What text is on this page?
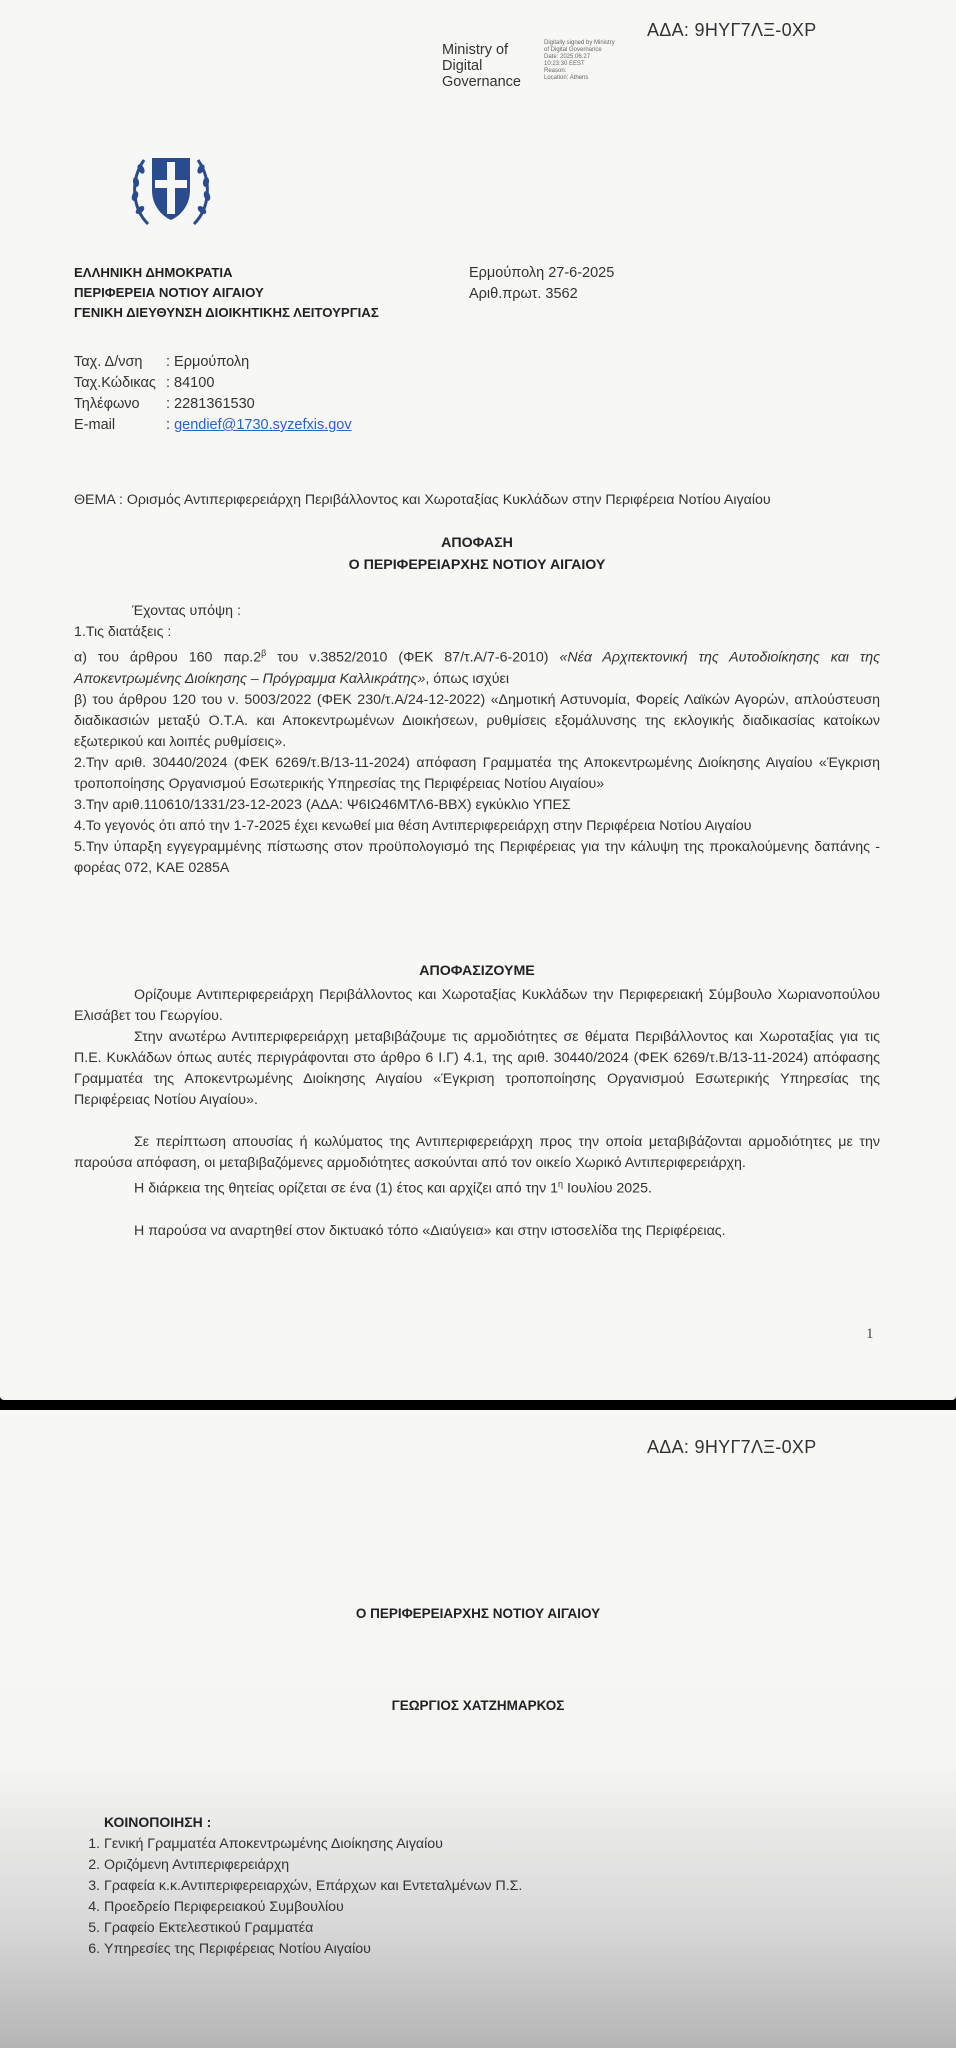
ΑΔΑ: 9ΗΥΓ7ΛΞ-0ΧΡ
Ministry of
Digital
Governance
Digitally signed by Ministry
of Digital Governance
Date: 2025.06.27
10:23:30 EEST
Reason:
Location: Athens
ΕΛΛΗΝΙΚΗ ΔΗΜΟΚΡΑΤΙΑ
ΠΕΡΙΦΕΡΕΙΑ ΝΟΤΙΟΥ ΑΙΓΑΙΟΥ
ΓΕΝΙΚΗ ΔΙΕΥΘΥΝΣΗ ΔΙΟΙΚΗΤΙΚΗΣ ΛΕΙΤΟΥΡΓΙΑΣ
Ερμούπολη 27-6-2025
Αριθ.πρωτ. 3562
Ταχ. Δ/νση : Ερμούπολη
Ταχ.Κώδικας : 84100
Τηλέφωνο : 2281361530
E-mail	: gendief@1730.syzefxis.gov
ΘΕΜΑ : Ορισμός Αντιπεριφερειάρχη Περιβάλλοντος και Χωροταξίας Κυκλάδων στην Περιφέρεια Νοτίου Αιγαίου
ΑΠΟΦΑΣΗ
Ο ΠΕΡΙΦΕΡΕΙΑΡΧΗΣ ΝΟΤΙΟΥ ΑΙΓΑΙΟΥ
Έχοντας υπόψη :
1.Τις διατάξεις :
α) του άρθρου 160 $\pi\alpha\rho.2^\beta$ του ν.3852/2010 (ΦΕΚ 87/τ.Α/7-6-2010) «Νέα Αρχιτεκτονική της Αυτοδιοίκησης και της Αποκεντρωμένης Διοίκησης – Πρόγραμμα Καλλικράτης», όπως ισχύει
β) του άρθρου 120 του ν. 5003/2022 (ΦΕΚ 230/τ.Α/24-12-2022) «Δημοτική Αστυνομία, Φορείς Λαϊκών Αγορών, απλούστευση διαδικασιών μεταξύ Ο.Τ.Α. και Αποκεντρωμένων Διοικήσεων, ρυθμίσεις εξομάλυνσης της εκλογικής διαδικασίας κατοίκων εξωτερικού και λοιπές ρυθμίσεις».
2.Την αριθ. 30440/2024 (ΦΕΚ 6269/τ.Β/13-11-2024) απόφαση Γραμματέα της Αποκεντρωμένης Διοίκησης Αιγαίου «Έγκριση τροποποίησης Οργανισμού Εσωτερικής Υπηρεσίας της Περιφέρειας Νοτίου Αιγαίου»
3.Την αριθ.110610/1331/23-12-2023 (ΑΔΑ: Ψ6ΙΩ46ΜΤΛ6-ΒΒΧ) εγκύκλιο ΥΠΕΣ
4.Το γεγονός ότι από την 1-7-2025 έχει κενωθεί μια θέση Αντιπεριφερειάρχη στην Περιφέρεια Νοτίου Αιγαίου
5.Την ύπαρξη εγγεγραμμένης πίστωσης στον προϋπολογισμό της Περιφέρειας για την κάλυψη της προκαλούμενης δαπάνης - φορέας 072, ΚΑΕ 0285Α
ΑΠΟΦΑΣΙΖΟΥΜΕ
Ορίζουμε Αντιπεριφερειάρχη Περιβάλλοντος και Χωροταξίας Κυκλάδων την Περιφερειακή Σύμβουλο Χωριανοπούλου Ελισάβετ του Γεωργίου.
Στην ανωτέρω Αντιπεριφερειάρχη μεταβιβάζουμε τις αρμοδιότητες σε θέματα Περιβάλλοντος και Χωροταξίας για τις Π.Ε. Κυκλάδων όπως αυτές περιγράφονται στο άρθρο 6 Ι.Γ) 4.1, της αριθ. 30440/2024 (ΦΕΚ 6269/τ.Β/13-11-2024) απόφασης Γραμματέα της Αποκεντρωμένης Διοίκησης Αιγαίου «Έγκριση τροποποίησης Οργανισμού Εσωτερικής Υπηρεσίας της Περιφέρειας Νοτίου Αιγαίου».
Σε περίπτωση απουσίας ή κωλύματος της Αντιπεριφερειάρχη προς την οποία μεταβιβάζονται αρμοδιότητες με την παρούσα απόφαση, οι μεταβιβαζόμενες αρμοδιότητες ασκούνται από τον οικείο Χωρικό Αντιπεριφερειάρχη.
Η διάρκεια της θητείας ορίζεται σε ένα (1) έτος και αρχίζει από την $1^\eta$ Ιουλίου 2025.
Η παρούσα να αναρτηθεί στον δικτυακό τόπο «Διαύγεια» και στην ιστοσελίδα της Περιφέρειας.
1
ΑΔΑ: 9ΗΥΓ7ΛΞ-0ΧΡ
Ο ΠΕΡΙΦΕΡΕΙΑΡΧΗΣ ΝΟΤΙΟΥ ΑΙΓΑΙΟΥ
ΓΕΩΡΓΙΟΣ ΧΑΤΖΗΜΑΡΚΟΣ
ΚΟΙΝΟΠΟΙΗΣΗ :
1. Γενική Γραμματέα Αποκεντρωμένης Διοίκησης Αιγαίου
2. Οριζόμενη Αντιπεριφερειάρχη
3. Γραφεία κ.κ.Αντιπεριφερειαρχών, Επάρχων και Εντεταλμένων Π.Σ.
4. Προεδρείο Περιφερειακού Συμβουλίου
5. Γραφείο Εκτελεστικού Γραμματέα
6. Υπηρεσίες της Περιφέρειας Νοτίου Αιγαίου
